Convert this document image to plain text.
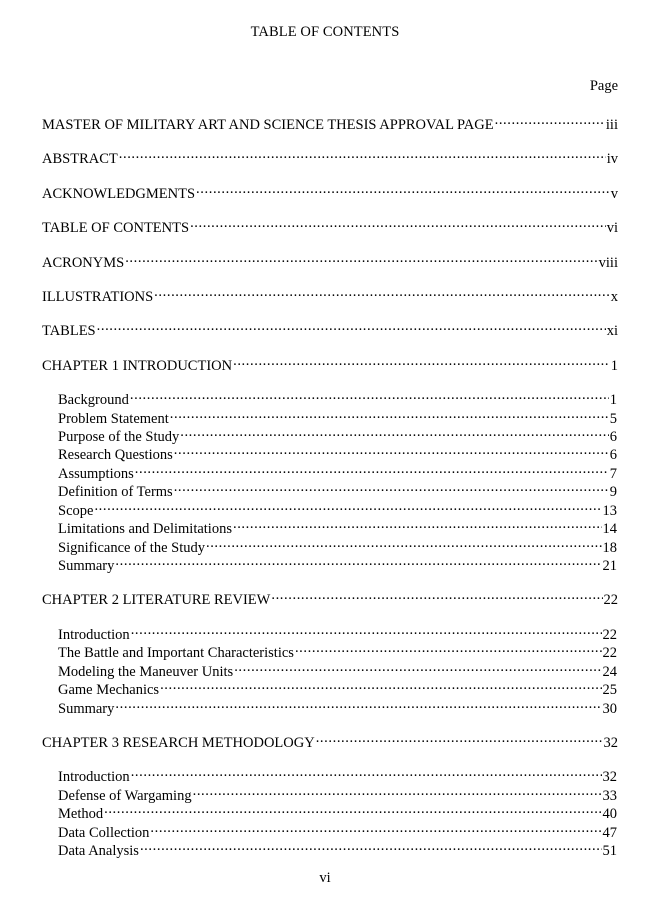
TABLE OF CONTENTS
Page
MASTER OF MILITARY ART AND SCIENCE THESIS APPROVAL PAGE .....	iii
ABSTRACT .....	iv
ACKNOWLEDGMENTS .....	v
TABLE OF CONTENTS .....	vi
ACRONYMS .....	viii
ILLUSTRATIONS .....	x
TABLES .....	xi
CHAPTER 1 INTRODUCTION .....	1
Background .....	1
Problem Statement .....	5
Purpose of the Study .....	6
Research Questions .....	6
Assumptions .....	7
Definition of Terms .....	9
Scope .....	13
Limitations and Delimitations .....	14
Significance of the Study .....	18
Summary .....	21
CHAPTER 2 LITERATURE REVIEW .....	22
Introduction .....	22
The Battle and Important Characteristics .....	22
Modeling the Maneuver Units .....	24
Game Mechanics .....	25
Summary .....	30
CHAPTER 3 RESEARCH METHODOLOGY .....	32
Introduction .....	32
Defense of Wargaming .....	33
Method .....	40
Data Collection .....	47
Data Analysis .....	51
vi
